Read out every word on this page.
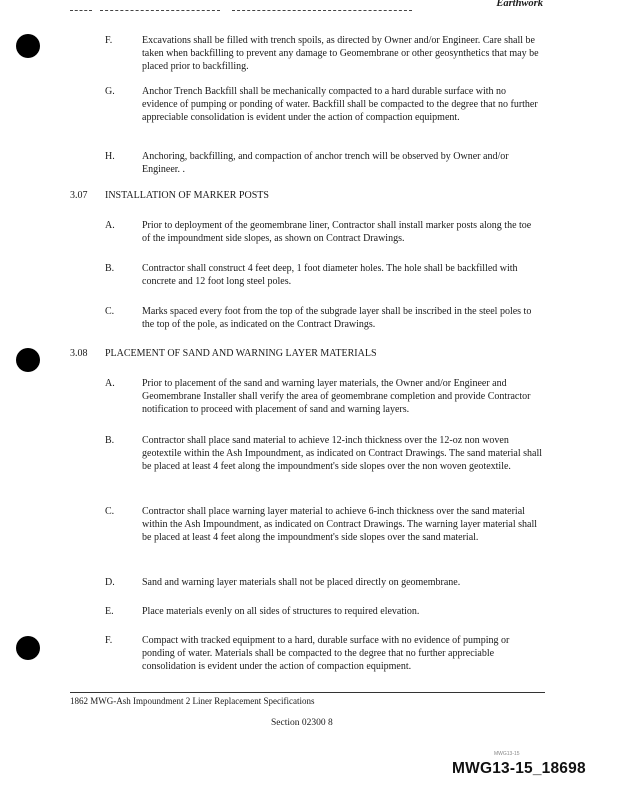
Earthwork
F.	Excavations shall be filled with trench spoils, as directed by Owner and/or Engineer. Care shall be taken when backfilling to prevent any damage to Geomembrane or other geosynthetics that may be placed prior to backfilling.
G.	Anchor Trench Backfill shall be mechanically compacted to a hard durable surface with no evidence of pumping or ponding of water. Backfill shall be compacted to the degree that no further appreciable consolidation is evident under the action of compaction equipment.
H.	Anchoring, backfilling, and compaction of anchor trench will be observed by Owner and/or Engineer. .
3.07 INSTALLATION OF MARKER POSTS
A.	Prior to deployment of the geomembrane liner, Contractor shall install marker posts along the toe of the impoundment side slopes, as shown on Contract Drawings.
B.	Contractor shall construct 4 feet deep, 1 foot diameter holes. The hole shall be backfilled with concrete and 12 foot long steel poles.
C.	Marks spaced every foot from the top of the subgrade layer shall be inscribed in the steel poles to the top of the pole, as indicated on the Contract Drawings.
3.08 PLACEMENT OF SAND AND WARNING LAYER MATERIALS
A.	Prior to placement of the sand and warning layer materials, the Owner and/or Engineer and Geomembrane Installer shall verify the area of geomembrane completion and provide Contractor notification to proceed with placement of sand and warning layers.
B.	Contractor shall place sand material to achieve 12-inch thickness over the 12-oz non woven geotextile within the Ash Impoundment, as indicated on Contract Drawings. The sand material shall be placed at least 4 feet along the impoundment's side slopes over the non woven geotextile.
C.	Contractor shall place warning layer material to achieve 6-inch thickness over the sand material within the Ash Impoundment, as indicated on Contract Drawings. The warning layer material shall be placed at least 4 feet along the impoundment's side slopes over the sand material.
D.	Sand and warning layer materials shall not be placed directly on geomembrane.
E.	Place materials evenly on all sides of structures to required elevation.
F.	Compact with tracked equipment to a hard, durable surface with no evidence of pumping or ponding of water. Materials shall be compacted to the degree that no further appreciable consolidation is evident under the action of compaction equipment.
1862 MWG-Ash Impoundment 2 Liner Replacement Specifications
Section 02300 8
MWG13-15
MWG13-15_18698
